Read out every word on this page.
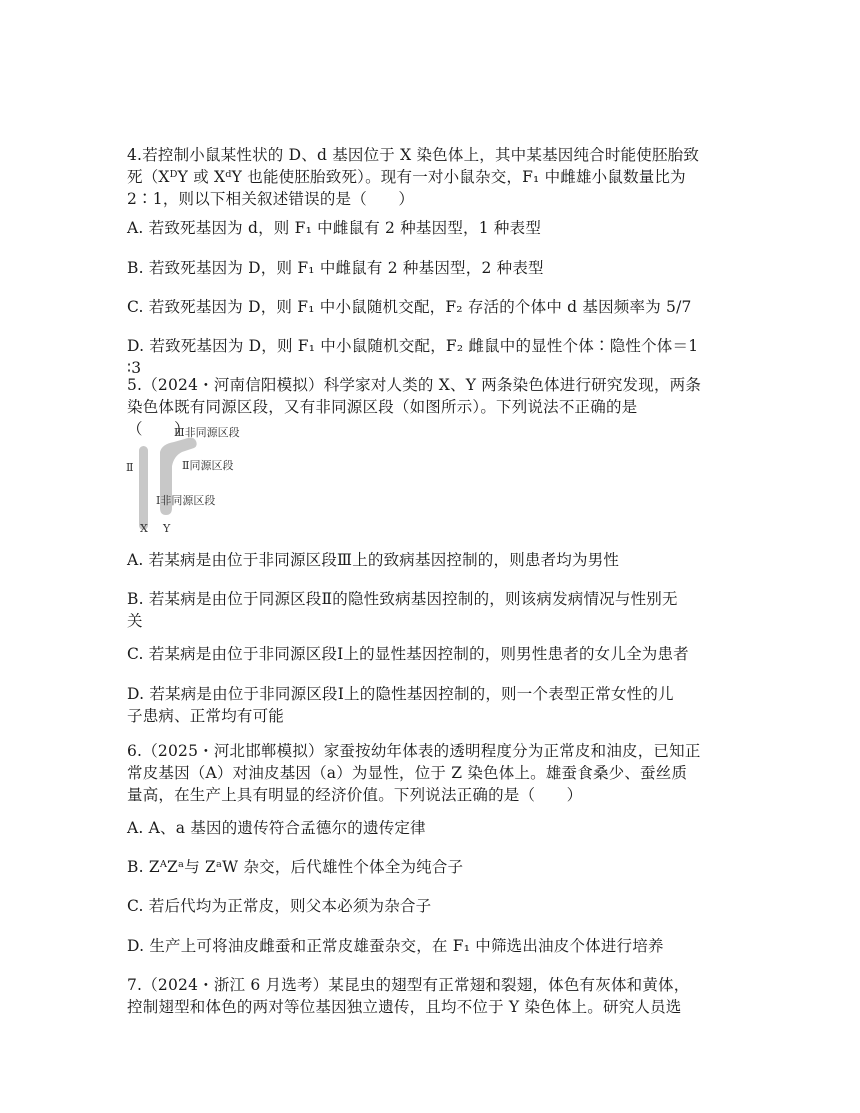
4.若控制小鼠某性状的 D、d 基因位于 X 染色体上，其中某基因纯合时能使胚胎致
死（XᴰY 或 XᵈY 也能使胚胎致死）。现有一对小鼠杂交，F₁ 中雌雄小鼠数量比为
2∶1，则以下相关叙述错误的是（　　）
A. 若致死基因为 d，则 F₁ 中雌鼠有 2 种基因型，1 种表型
B. 若致死基因为 D，则 F₁ 中雌鼠有 2 种基因型，2 种表型
C. 若致死基因为 D，则 F₁ 中小鼠随机交配，F₂ 存活的个体中 d 基因频率为 5/7
D. 若致死基因为 D，则 F₁ 中小鼠随机交配，F₂ 雌鼠中的显性个体∶隐性个体＝1
∶3
5.（2024・河南信阳模拟）科学家对人类的 X、Y 两条染色体进行研究发现，两条
染色体既有同源区段，又有非同源区段（如图所示）。下列说法不正确的是
（　　）
Ⅲ非同源区段
Ⅱ同源区段
Ⅱ
Ⅰ非同源区段
X Y
A. 若某病是由位于非同源区段Ⅲ上的致病基因控制的，则患者均为男性
B. 若某病是由位于同源区段Ⅱ的隐性致病基因控制的，则该病发病情况与性别无
关
C. 若某病是由位于非同源区段Ⅰ上的显性基因控制的，则男性患者的女儿全为患者
D. 若某病是由位于非同源区段Ⅰ上的隐性基因控制的，则一个表型正常女性的儿
子患病、正常均有可能
6.（2025・河北邯郸模拟）家蚕按幼年体表的透明程度分为正常皮和油皮，已知正
常皮基因（A）对油皮基因（a）为显性，位于 Z 染色体上。雄蚕食桑少、蚕丝质
量高，在生产上具有明显的经济价值。下列说法正确的是（　　）
A. A、a 基因的遗传符合孟德尔的遗传定律
B. ZᴬZᵃ与 ZᵃW 杂交，后代雄性个体全为纯合子
C. 若后代均为正常皮，则父本必须为杂合子
D. 生产上可将油皮雌蚕和正常皮雄蚕杂交，在 F₁ 中筛选出油皮个体进行培养
7.（2024・浙江 6 月选考）某昆虫的翅型有正常翅和裂翅，体色有灰体和黄体，
控制翅型和体色的两对等位基因独立遗传，且均不位于 Y 染色体上。研究人员选
